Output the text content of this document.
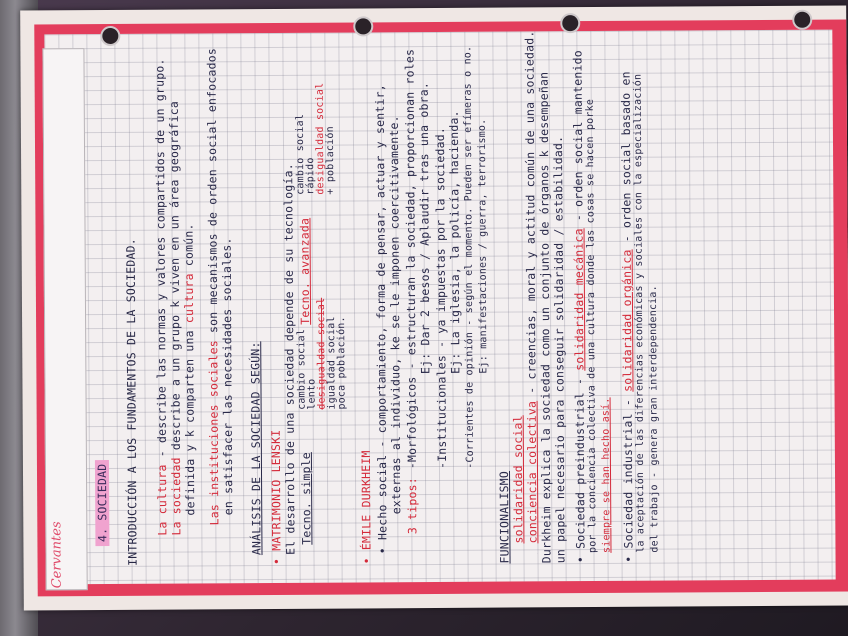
Cervantes
4. SOCIEDAD INTRODUCCIÓN A LOS FUNDAMENTOS DE LA SOCIEDAD. La cultura - describe las normas y valores compartidos de un grupo.
La sociedad describe a un grupo k viven en un área geográfica definida y k comparten una cultura común.
Las instituciones sociales son mecanismos de orden social enfocados
en satisfacer las necesidades sociales. ANÁLISIS DE LA SOCIEDAD SEGÚN:
• MATRIMONIO LENSKI
El desarrollo de una sociedad depende de su tecnología. Tecno. simple
cambio social
lento
desigualdad social
igualdad social
poca población.
Tecno. avanzada
cambio social
rápido
desigualdad social
+ población
• ÉMILE DURKHEIM • Hecho social - comportamiento, forma de pensar, actuar y sentir,
externas al individuo, ke se le imponen coercitivamente. 3 tipos:
-Morfológicos - estructuran la sociedad, proporcionan roles
Ej: Dar 2 besos / Aplaudir tras una obra.
-Institucionales - ya impuestas por la sociedad.
Ej: La iglesia, la policía, hacienda.
-Corrientes de opinión - según el momento. Pueden ser efímeras o no. Ej: manifestaciones / guerra, terrorismo.
FUNCIONALISMO solidaridad social conciencia colectiva - creencias, moral y actitud común de una sociedad.
Durkheim explica la sociedad como un conjunto de órganos k desempeñan
un papel necesario para conseguir solidaridad / estabilidad. • Sociedad preindustrial - solidaridad mecánica - orden social mantenido por la conciencia colectiva de una cultura donde las cosas se hacen porke siempre se han hecho así.
• Sociedad industrial - solidaridad orgánica - orden social basado en
la aceptación de las diferencias económicas y sociales con la especialización del trabajo - genera gran interdependencia.
